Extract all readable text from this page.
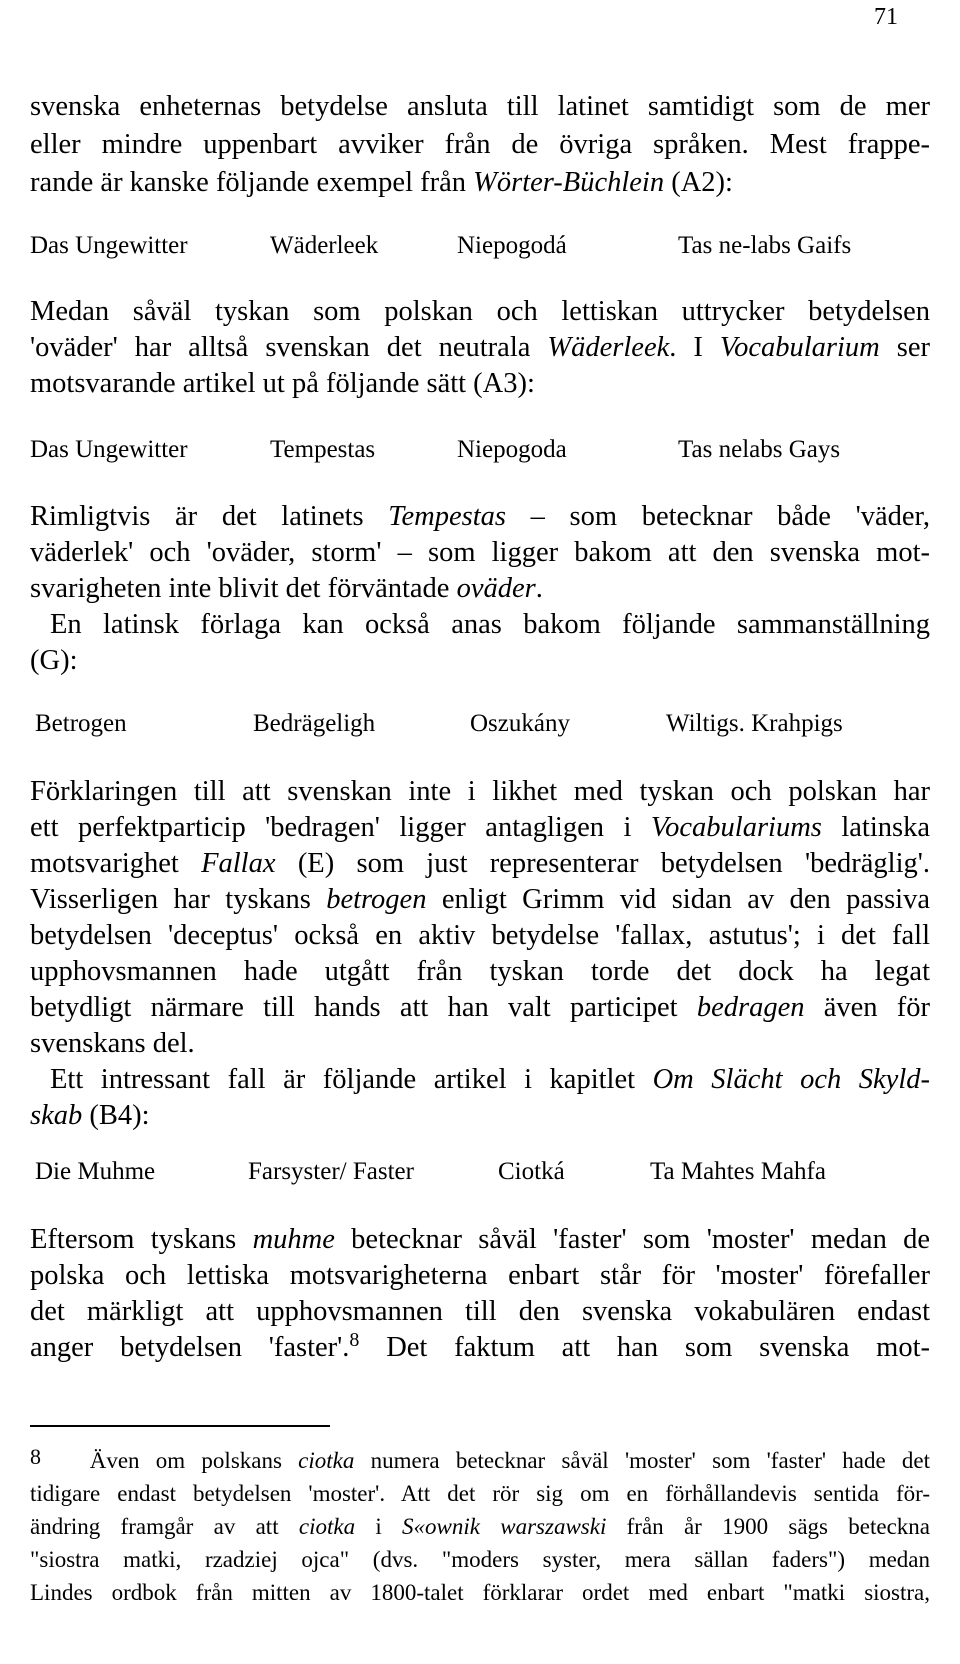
71
svenska enheternas betydelse ansluta till latinet samtidigt som de mer
eller mindre uppenbart avviker från de övriga språken. Mest frappe-
rande är kanske följande exempel från Wörter-Büchlein (A2):
Das Ungewitter	Wäderleek	Niepogodá	Tas ne-labs Gaifs
Medan såväl tyskan som polskan och lettiskan uttrycker betydelsen
'oväder' har alltså svenskan det neutrala Wäderleek. I Vocabularium ser
motsvarande artikel ut på följande sätt (A3):
Das Ungewitter	Tempestas	Niepogoda	Tas nelabs Gays
Rimligtvis är det latinets Tempestas – som betecknar både 'väder,
väderlek' och 'oväder, storm' – som ligger bakom att den svenska mot-
svarigheten inte blivit det förväntade oväder.
En latinsk förlaga kan också anas bakom följande sammanställning
(G):
Betrogen	Bedrägeligh	Oszukány	Wiltigs. Krahpigs
Förklaringen till att svenskan inte i likhet med tyskan och polskan har
ett perfektparticip 'bedragen' ligger antagligen i Vocabulariums latinska
motsvarighet Fallax (E) som just representerar betydelsen 'bedräglig'.
Visserligen har tyskans betrogen enligt Grimm vid sidan av den passiva
betydelsen 'deceptus' också en aktiv betydelse 'fallax, astutus'; i det fall
upphovsmannen hade utgått från tyskan torde det dock ha legat
betydligt närmare till hands att han valt participet bedragen även för
svenskans del.
Ett intressant fall är följande artikel i kapitlet Om Slächt och Skyld-
skab (B4):
Die Muhme	Farsyster/ Faster	Ciotká	Ta Mahtes Mahfa
Eftersom tyskans muhme betecknar såväl 'faster' som 'moster' medan de
polska och lettiska motsvarigheterna enbart står för 'moster' förefaller
det märkligt att upphovsmannen till den svenska vokabulären endast
anger betydelsen 'faster'.$^8$ Det faktum att han som svenska mot-
8 Även om polskans ciotka numera betecknar såväl 'moster' som 'faster' hade det
tidigare endast betydelsen 'moster'. Att det rör sig om en förhållandevis sentida för-
ändring framgår av att ciotka i S«ownik warszawski från år 1900 sägs beteckna
"siostra matki, rzadziej ojca" (dvs. "moders syster, mera sällan faders") medan
Lindes ordbok från mitten av 1800-talet förklarar ordet med enbart "matki siostra,
